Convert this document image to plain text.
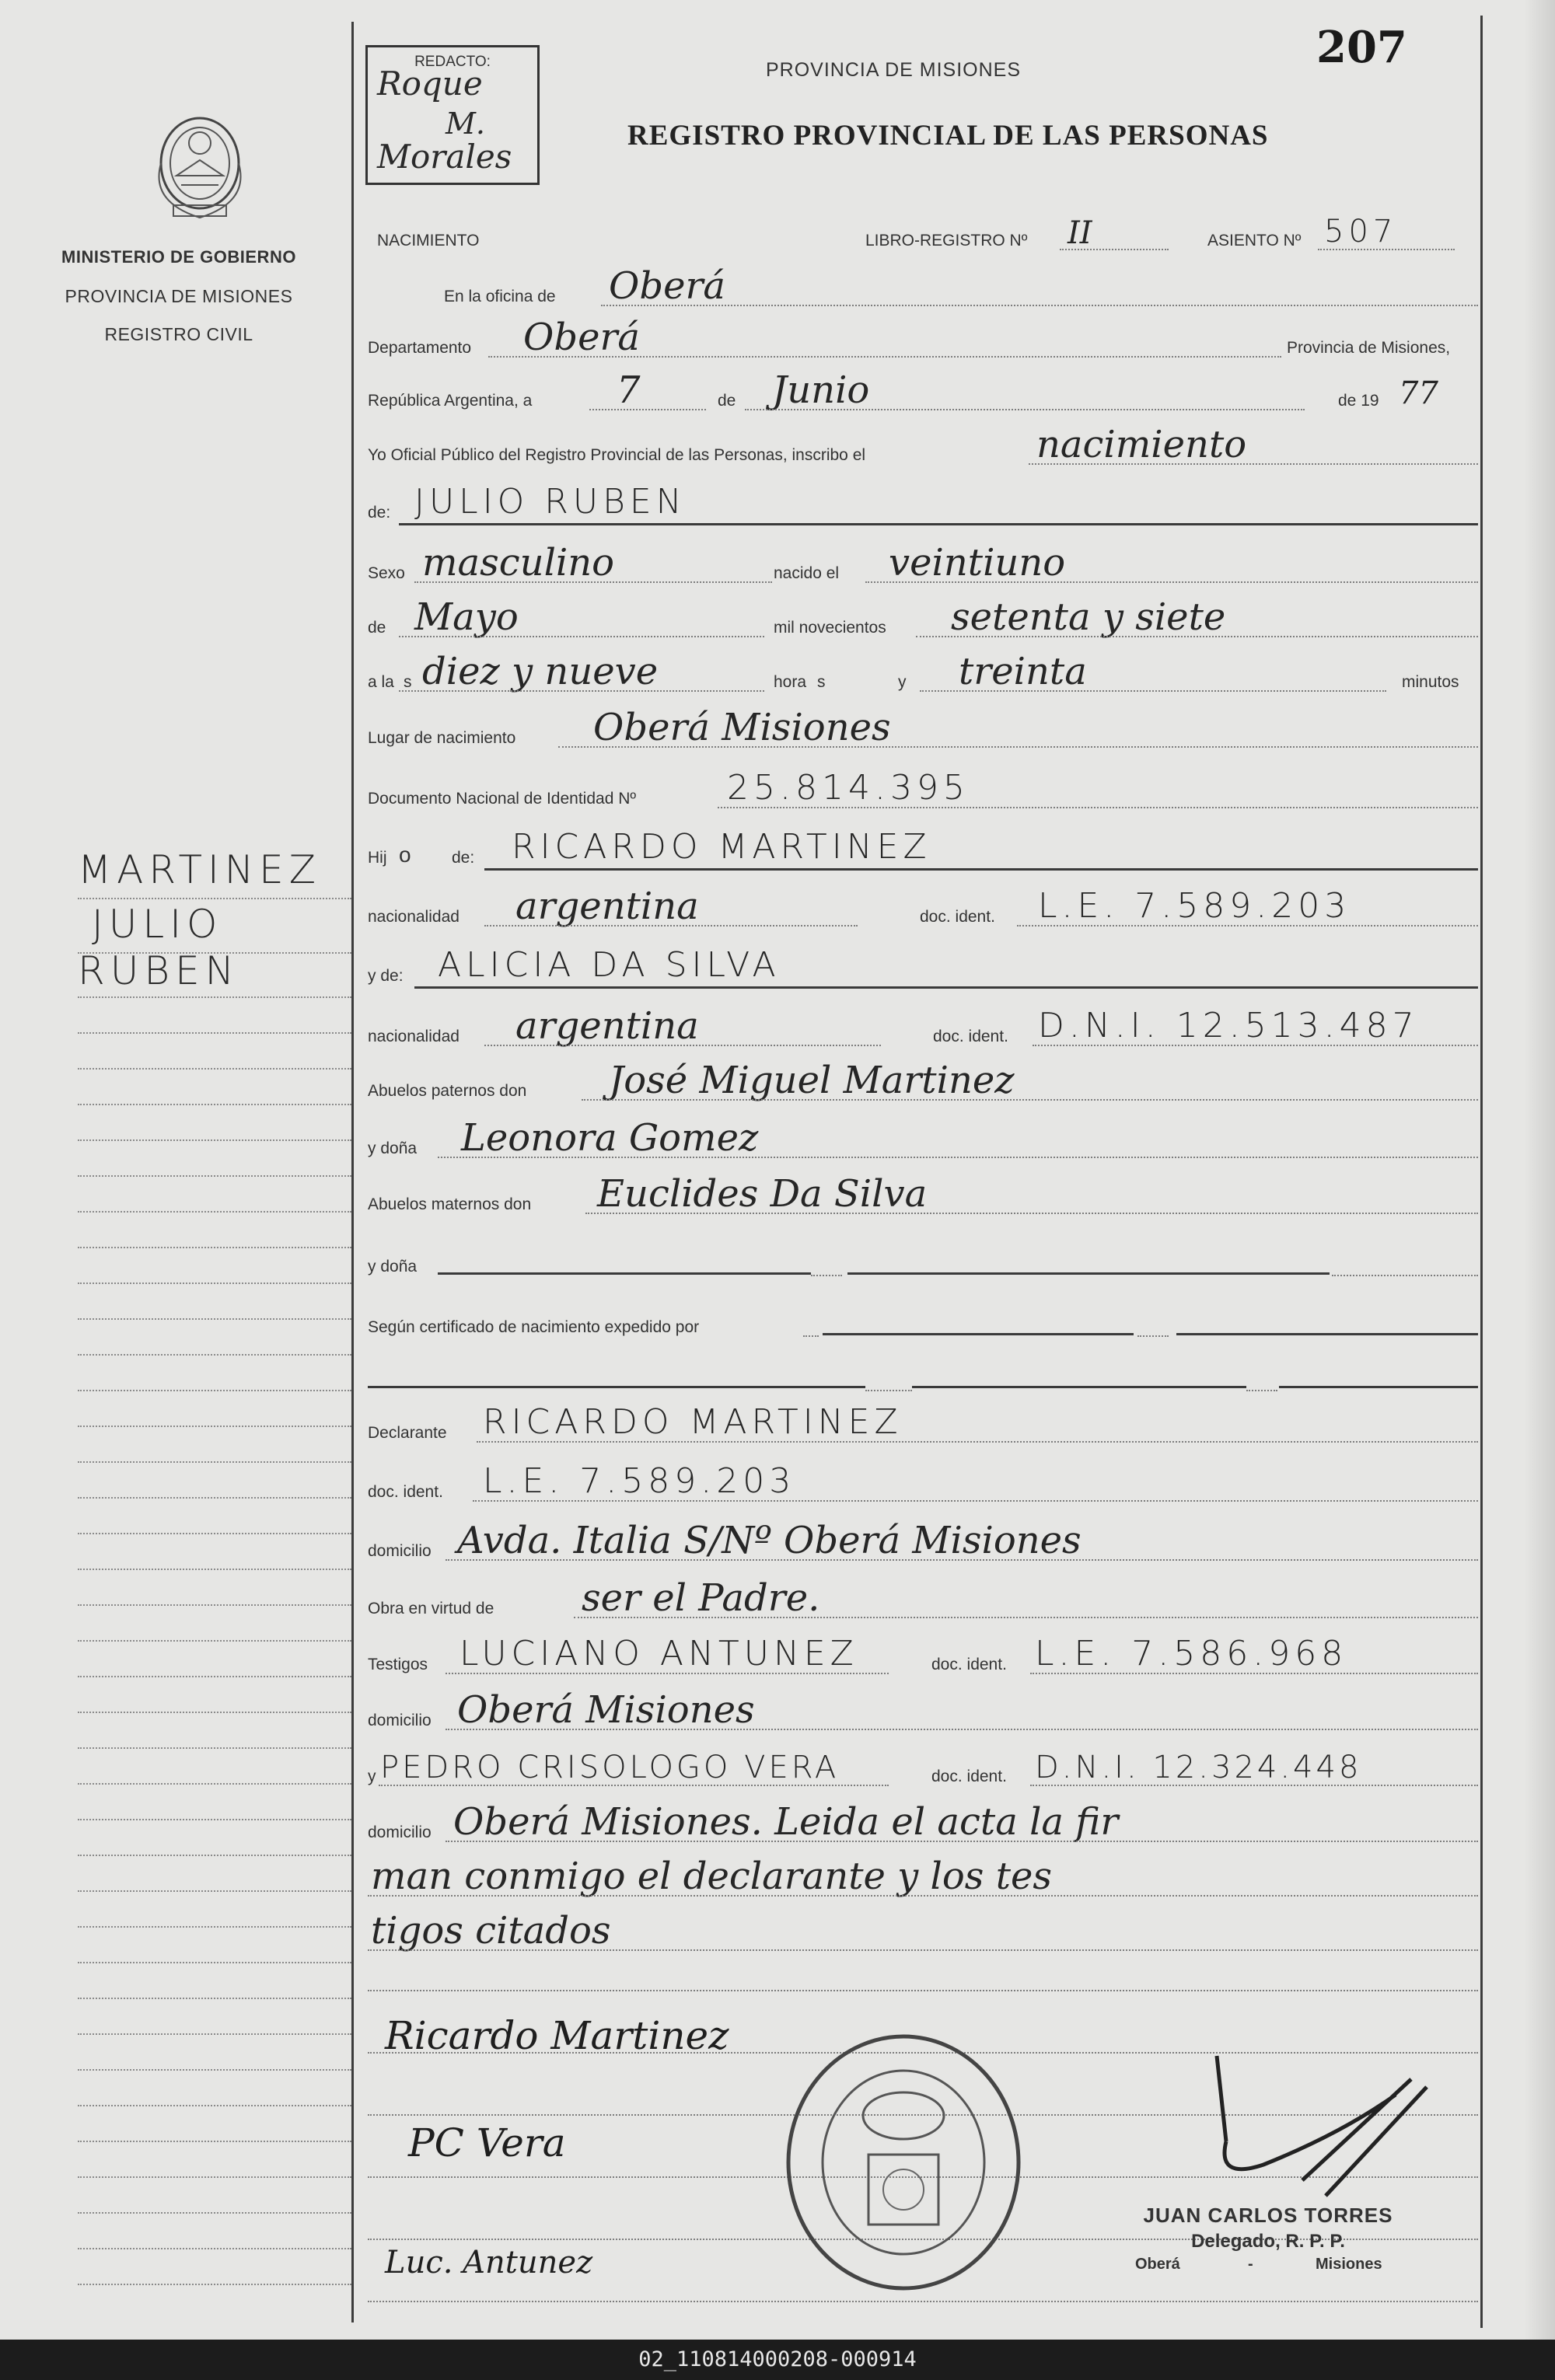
MINISTERIO DE GOBIERNO
PROVINCIA DE MISIONES
REGISTRO CIVIL
MARTINEZ
JULIO
RUBEN
REDACTO:
Roque
M.
Morales
207
PROVINCIA DE MISIONES
REGISTRO PROVINCIAL DE LAS PERSONAS
NACIMIENTO	LIBRO-REGISTRO Nº II	ASIENTO Nº 507
En la oficina de Oberá
Departamento Oberá	Provincia de Misiones,
República Argentina, a 7	de Junio	de 19 77
Yo Oficial Público del Registro Provincial de las Personas, inscribo el	nacimiento
de: JULIO RUBEN
Sexo masculino	nacido el veintiuno
de Mayo	mil novecientos setenta y siete
a la s diez y nueve	hora s	y treinta	minutos
Lugar de nacimiento Oberá Misiones
Documento Nacional de Identidad Nº	25.814.395
Hij o de: RICARDO MARTINEZ
nacionalidad argentina	doc. ident. L.E. 7.589.203
y de: ALICIA DA SILVA
nacionalidad argentina	doc. ident. D.N.I. 12.513.487
Abuelos paternos don José Miguel Martinez
y doña Leonora Gomez
Abuelos maternos don Euclides Da Silva
y doña
Según certificado de nacimiento expedido por
Declarante RICARDO MARTINEZ
doc. ident. L.E. 7.589.203
domicilio Avda. Italia S/Nº Oberá Misiones
Obra en virtud de ser el Padre.
Testigos LUCIANO ANTUNEZ	doc. ident. L.E. 7.586.968
domicilio Oberá Misiones
y PEDRO CRISOLOGO VERA	doc. ident. D.N.I. 12.324.448
domicilio Oberá Misiones. Leida el acta la fir
man conmigo el declarante y los tes
tigos citados
Ricardo Martinez
PC Vera
Luc. Antunez
JUAN CARLOS TORRES
Delegado, R. P. P.
Oberá	-	Misiones
02_110814000208-000914
